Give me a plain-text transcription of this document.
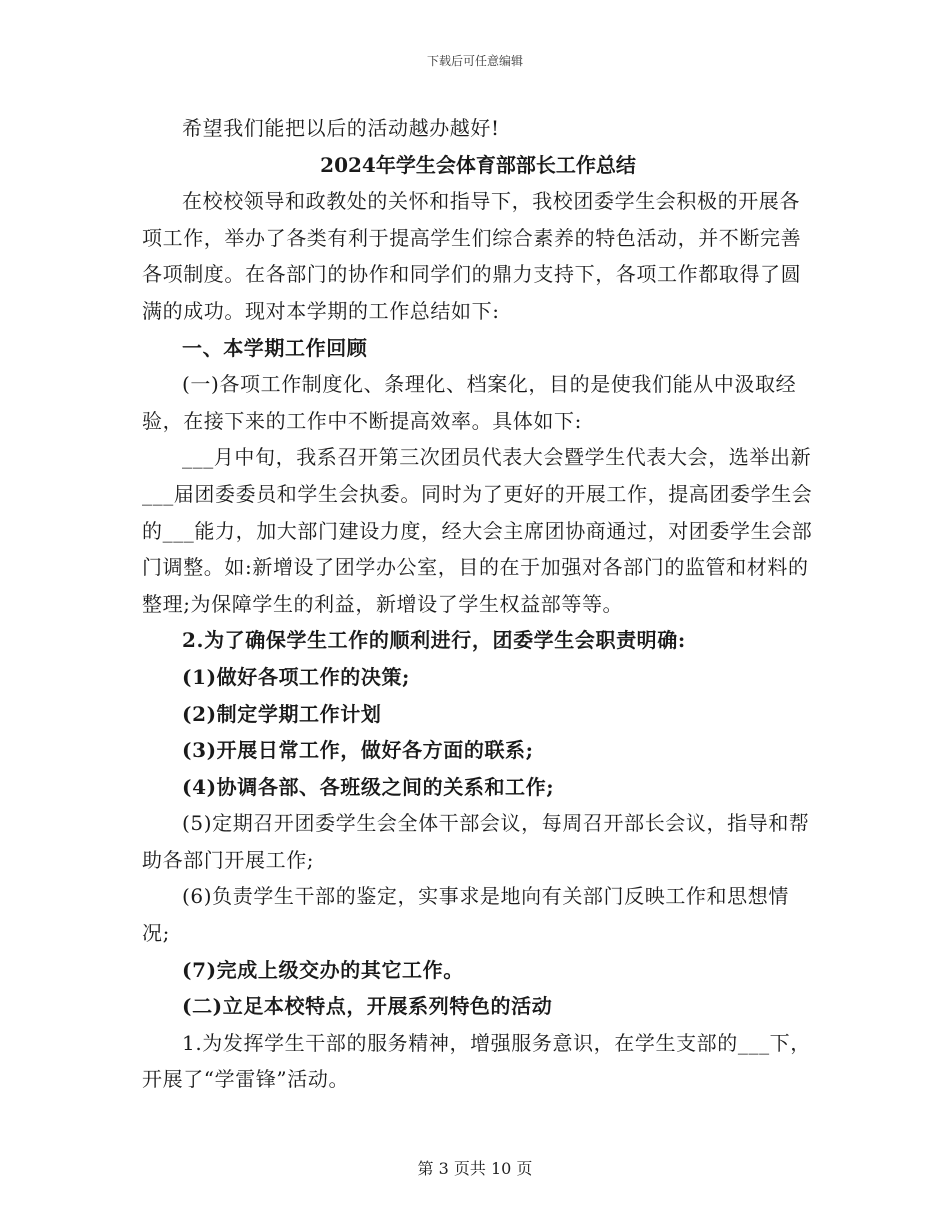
下载后可任意编辑

希望我们能把以后的活动越办越好!

2024年学生会体育部部长工作总结

在校校领导和政教处的关怀和指导下，我校团委学生会积极的开展各项工作，举办了各类有利于提高学生们综合素养的特色活动，并不断完善各项制度。在各部门的协作和同学们的鼎力支持下，各项工作都取得了圆满的成功。现对本学期的工作总结如下:

一、本学期工作回顾

(一)各项工作制度化、条理化、档案化，目的是使我们能从中汲取经验，在接下来的工作中不断提高效率。具体如下:

___月中旬，我系召开第三次团员代表大会暨学生代表大会，选举出新___届团委委员和学生会执委。同时为了更好的开展工作，提高团委学生会的___能力，加大部门建设力度，经大会主席团协商通过，对团委学生会部门调整。如:新增设了团学办公室，目的在于加强对各部门的监管和材料的整理;为保障学生的利益，新增设了学生权益部等等。

2.为了确保学生工作的顺利进行，团委学生会职责明确:

(1)做好各项工作的决策;

(2)制定学期工作计划

(3)开展日常工作，做好各方面的联系;

(4)协调各部、各班级之间的关系和工作;

(5)定期召开团委学生会全体干部会议，每周召开部长会议，指导和帮助各部门开展工作;

(6)负责学生干部的鉴定，实事求是地向有关部门反映工作和思想情况;

(7)完成上级交办的其它工作。

(二)立足本校特点，开展系列特色的活动

1.为发挥学生干部的服务精神，增强服务意识，在学生支部的___下，开展了“学雷锋”活动。

第 3 页共 10 页
